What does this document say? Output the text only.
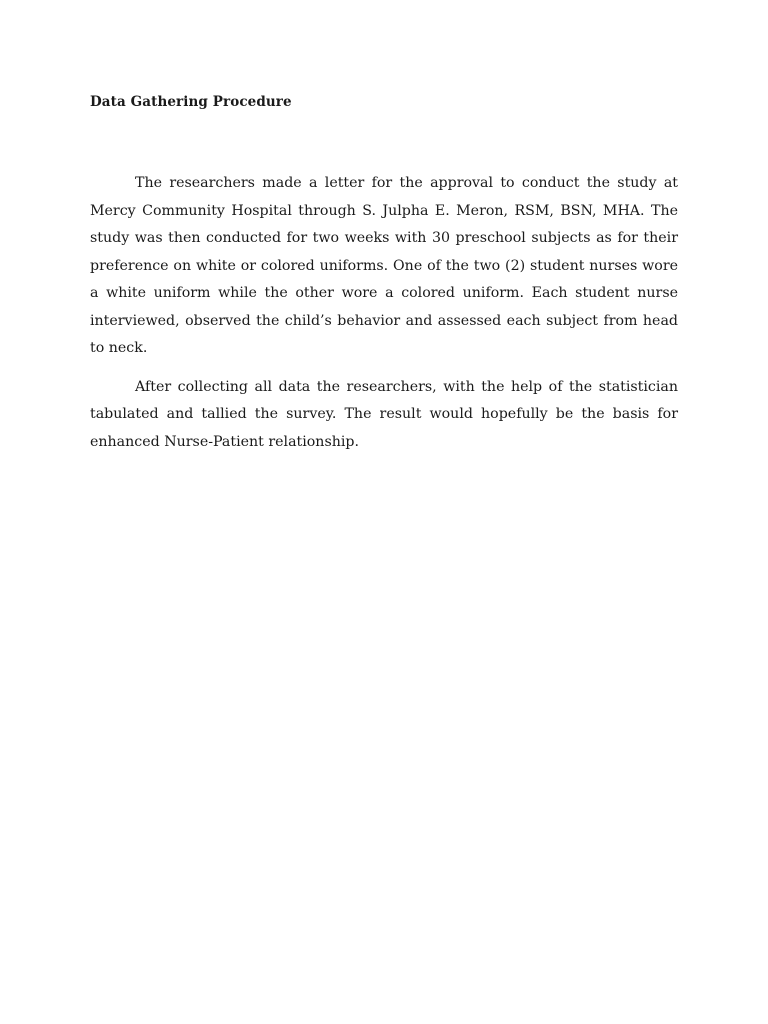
Data Gathering Procedure

The researchers made a letter for the approval to conduct the study at Mercy Community Hospital through S. Julpha E. Meron, RSM, BSN, MHA. The study was then conducted for two weeks with 30 preschool subjects as for their preference on white or colored uniforms. One of the two (2) student nurses wore a white uniform while the other wore a colored uniform. Each student nurse interviewed, observed the child’s behavior and assessed each subject from head to neck.

After collecting all data the researchers, with the help of the statistician tabulated and tallied the survey. The result would hopefully be the basis for enhanced Nurse-Patient relationship.
